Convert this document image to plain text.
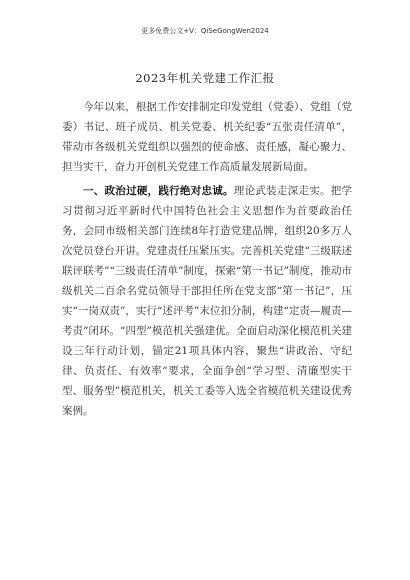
更多免费公文+V：QiSeGongWen2024
2023年机关党建工作汇报

今年以来，根据工作安排制定印发党组（党委）、党组（党委）书记、班子成员、机关党委、机关纪委“五张责任清单”，带动市各级机关党组织以强烈的使命感、责任感，凝心聚力、担当实干，奋力开创机关党建工作高质量发展新局面。

一、政治过硬，践行绝对忠诚。理论武装走深走实。把学习贯彻习近平新时代中国特色社会主义思想作为首要政治任务，会同市级相关部门连续8年打造党建品牌，组织20多万人次党员登台开讲。党建责任压紧压实。完善机关党建“三级联述联评联考”“三级责任清单”制度，探索“第一书记”制度，推动市级机关二百余名党员领导干部担任所在党支部“第一书记”，压实“一岗双责”，实行“述评考”末位扣分制，构建“定责—履责—考责”闭环。“四型”模范机关强建优。全面启动深化模范机关建设三年行动计划，锚定21项具体内容，聚焦“讲政治、守纪律、负责任、有效率”要求，全面争创“学习型、清廉型实干型、服务型”模范机关，机关工委等入选全省模范机关建设优秀案例。
